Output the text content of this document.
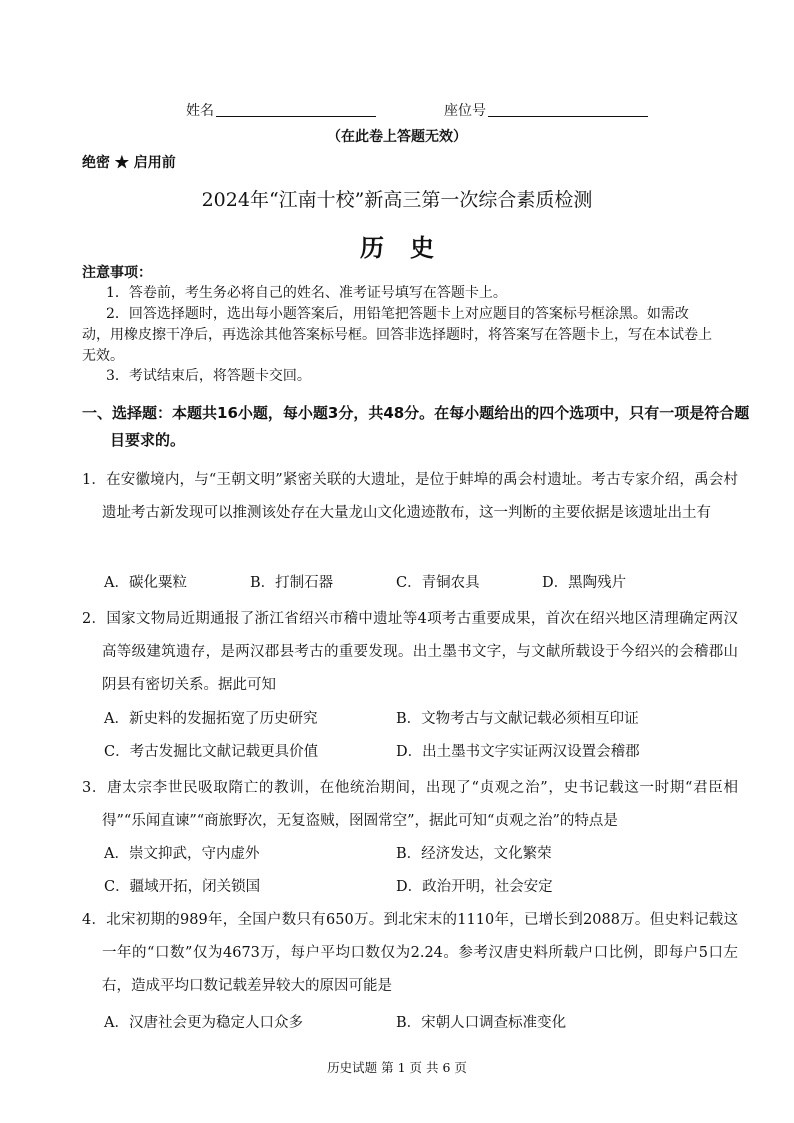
姓名	座位号
（在此卷上答题无效）
绝密 ★ 启用前
2024年“江南十校”新高三第一次综合素质检测
历史
注意事项：
1．答卷前，考生务必将自己的姓名、准考证号填写在答题卡上。
2．回答选择题时，选出每小题答案后，用铅笔把答题卡上对应题目的答案标号框涂黑。如需改动，用橡皮擦干净后，再选涂其他答案标号框。回答非选择题时，将答案写在答题卡上，写在本试卷上无效。
3．考试结束后，将答题卡交回。
一、选择题：本题共16小题，每小题3分，共48分。在每小题给出的四个选项中，只有一项是符合题目要求的。
1．在安徽境内，与“王朝文明”紧密关联的大遗址，是位于蚌埠的禹会村遗址。考古专家介绍，禹会村遗址考古新发现可以推测该处存在大量龙山文化遗迹散布，这一判断的主要依据是该遗址出土有
A．碳化粟粒	B．打制石器	C．青铜农具	D．黑陶残片
2．国家文物局近期通报了浙江省绍兴市稽中遗址等4项考古重要成果，首次在绍兴地区清理确定两汉高等级建筑遗存，是两汉郡县考古的重要发现。出土墨书文字，与文献所载设于今绍兴的会稽郡山阴县有密切关系。据此可知
A．新史料的发掘拓宽了历史研究	B．文物考古与文献记载必须相互印证
C．考古发掘比文献记载更具价值	D．出土墨书文字实证两汉设置会稽郡
3．唐太宗李世民吸取隋亡的教训，在他统治期间，出现了“贞观之治”，史书记载这一时期“君臣相得”“乐闻直谏”“商旅野次，无复盗贼，囹圄常空”，据此可知“贞观之治”的特点是
A．崇文抑武，守内虚外	B．经济发达，文化繁荣
C．疆域开拓，闭关锁国	D．政治开明，社会安定
4．北宋初期的989年，全国户数只有650万。到北宋末的1110年，已增长到2088万。但史料记载这一年的“口数”仅为4673万，每户平均口数仅为2.24。参考汉唐史料所载户口比例，即每户5口左右，造成平均口数记载差异较大的原因可能是
A．汉唐社会更为稳定人口众多	B．宋朝人口调查标准变化
历史试题 第 1 页 共 6 页
